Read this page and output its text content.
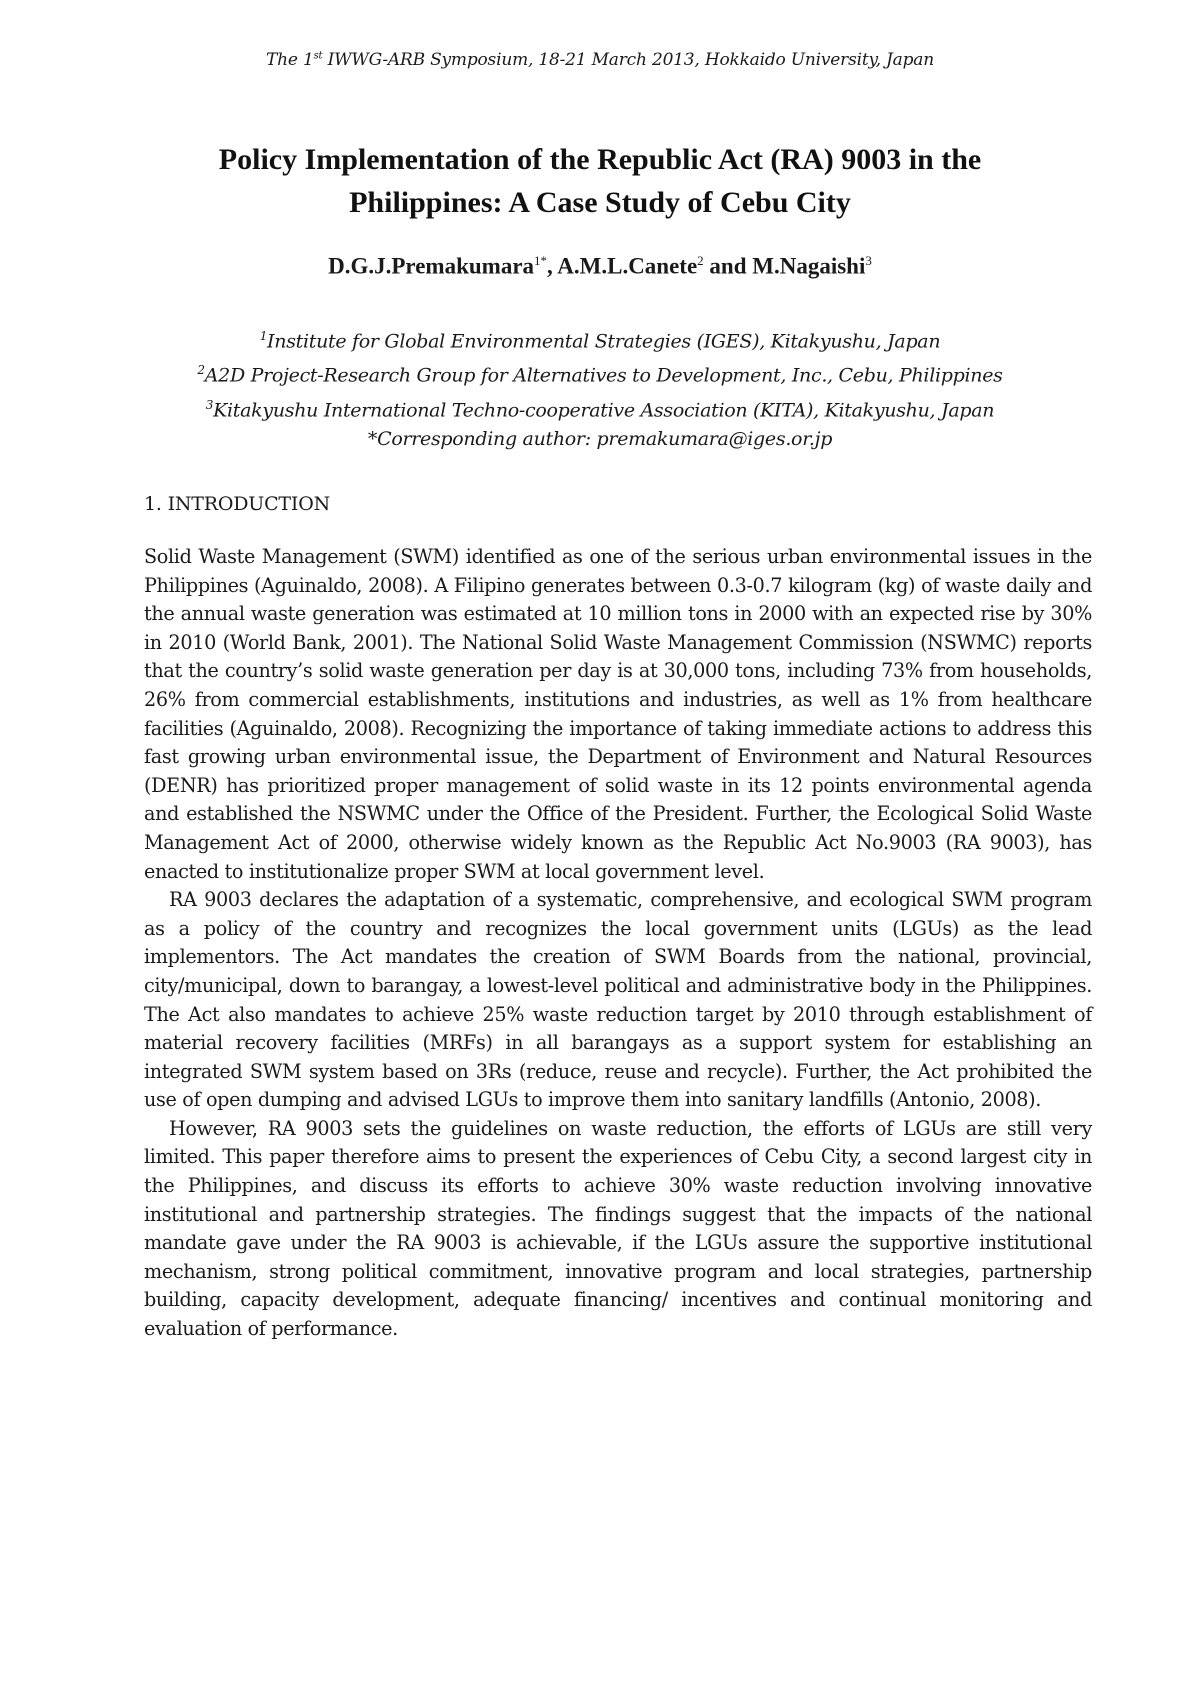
The 1st IWWG-ARB Symposium, 18-21 March 2013, Hokkaido University, Japan
Policy Implementation of the Republic Act (RA) 9003 in the
Philippines: A Case Study of Cebu City
D.G.J.Premakumara$^{1*}$, A.M.L.Canete$^2$ and M.Nagaishi$^3$
$^1$Institute for Global Environmental Strategies (IGES), Kitakyushu, Japan
$^2$A2D Project-Research Group for Alternatives to Development, Inc., Cebu, Philippines
$^3$Kitakyushu International Techno-cooperative Association (KITA), Kitakyushu, Japan
*Corresponding author: premakumara@iges.or.jp
1. INTRODUCTION

Solid Waste Management (SWM) identified as one of the serious urban environmental issues in the Philippines (Aguinaldo, 2008). A Filipino generates between 0.3-0.7 kilogram (kg) of waste daily and the annual waste generation was estimated at 10 million tons in 2000 with an expected rise by 30% in 2010 (World Bank, 2001). The National Solid Waste Management Commission (NSWMC) reports that the country’s solid waste generation per day is at 30,000 tons, including 73% from households, 26% from commercial establishments, institutions and industries, as well as 1% from healthcare facilities (Aguinaldo, 2008). Recognizing the importance of taking immediate actions to address this fast growing urban environmental issue, the Department of Environment and Natural Resources (DENR) has prioritized proper management of solid waste in its 12 points environmental agenda and established the NSWMC under the Office of the President. Further, the Ecological Solid Waste Management Act of 2000, otherwise widely known as the Republic Act No.9003 (RA 9003), has enacted to institutionalize proper SWM at local government level.

RA 9003 declares the adaptation of a systematic, comprehensive, and ecological SWM program as a policy of the country and recognizes the local government units (LGUs) as the lead implementors. The Act mandates the creation of SWM Boards from the national, provincial, city/municipal, down to barangay, a lowest-level political and administrative body in the Philippines. The Act also mandates to achieve 25% waste reduction target by 2010 through establishment of material recovery facilities (MRFs) in all barangays as a support system for establishing an integrated SWM system based on 3Rs (reduce, reuse and recycle). Further, the Act prohibited the use of open dumping and advised LGUs to improve them into sanitary landfills (Antonio, 2008).

However, RA 9003 sets the guidelines on waste reduction, the efforts of LGUs are still very limited. This paper therefore aims to present the experiences of Cebu City, a second largest city in the Philippines, and discuss its efforts to achieve 30% waste reduction involving innovative institutional and partnership strategies. The findings suggest that the impacts of the national mandate gave under the RA 9003 is achievable, if the LGUs assure the supportive institutional mechanism, strong political commitment, innovative program and local strategies, partnership building, capacity development, adequate financing/ incentives and continual monitoring and evaluation of performance.
